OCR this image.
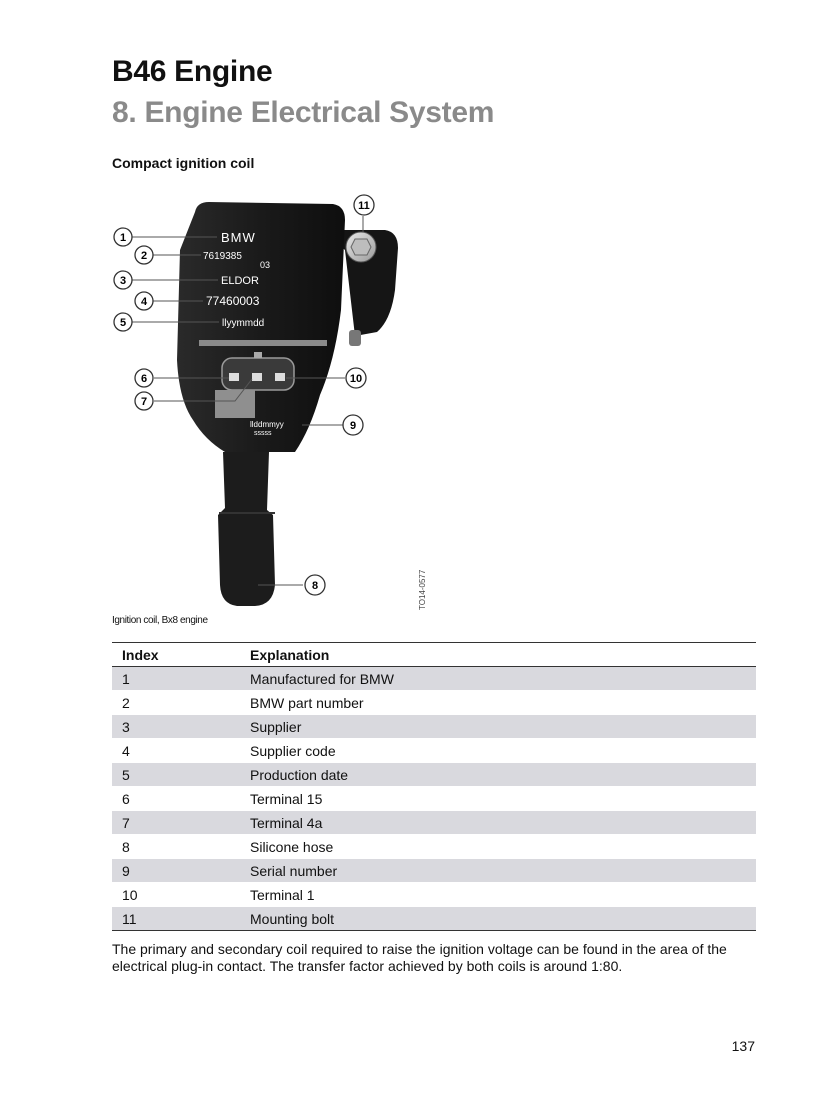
B46 Engine
8. Engine Electrical System
Compact ignition coil
BMW
7619385
03
ELDOR
77460003
llyymmdd
llddmmyy
sssss
1
2
3
4
5
6
7
8
9
10
11
TO14-0577
Ignition coil, Bx8 engine
Index	Explanation
1	Manufactured for BMW
2	BMW part number
3	Supplier
4	Supplier code
5	Production date
6	Terminal 15
7	Terminal 4a
8	Silicone hose
9	Serial number
10	Terminal 1
11	Mounting bolt
The primary and secondary coil required to raise the ignition voltage can be found in the area of the electrical plug-in contact. The transfer factor achieved by both coils is around 1:80.
137
